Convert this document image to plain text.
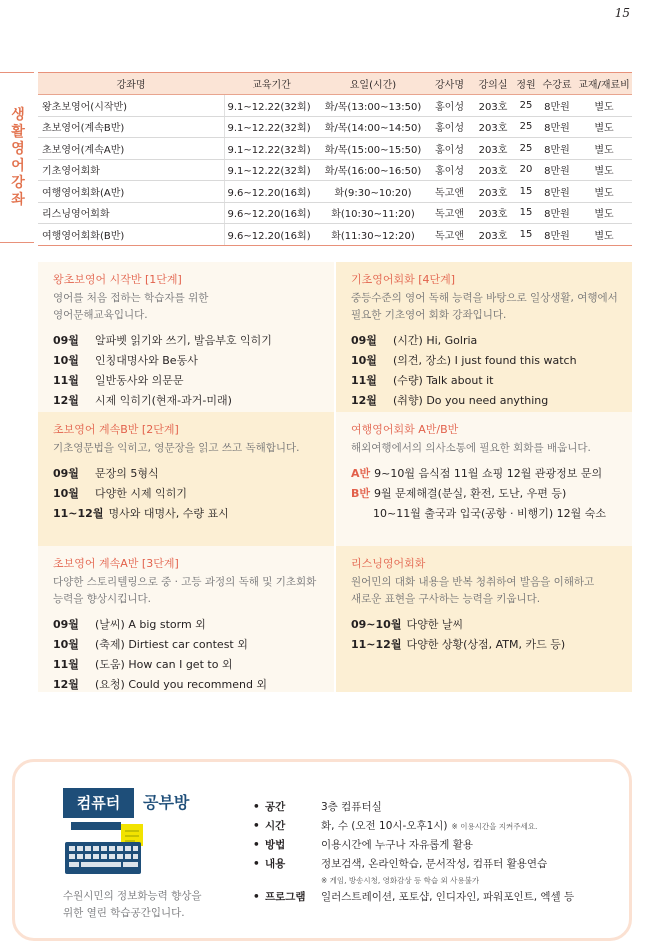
15
생
활
영
어
강
좌
강좌명	교육기간	요일(시간)	강사명	강의실	정원	수강료	교재/재료비
왕초보영어(시작반)	9.1~12.22(32회)	화/목(13:00~13:50)	홍이성	203호	25	8만원	별도
초보영어(계속B반)	9.1~12.22(32회)	화/목(14:00~14:50)	홍이성	203호	25	8만원	별도
초보영어(계속A반)	9.1~12.22(32회)	화/목(15:00~15:50)	홍이성	203호	25	8만원	별도
기초영어회화	9.1~12.22(32회)	화/목(16:00~16:50)	홍이성	203호	20	8만원	별도
여행영어회화(A반)	9.6~12.20(16회)	화(9:30~10:20)	독고앤	203호	15	8만원	별도
리스닝영어회화	9.6~12.20(16회)	화(10:30~11:20)	독고앤	203호	15	8만원	별도
여행영어회화(B반)	9.6~12.20(16회)	화(11:30~12:20)	독고앤	203호	15	8만원	별도
왕초보영어 시작반 [1단계]
영어를 처음 접하는 학습자를 위한
영어문해교육입니다.
09월	알파벳 읽기와 쓰기, 발음부호 익히기
10월	인칭대명사와 Be동사
11월	일반동사와 의문문
12월	시제 익히기(현재-과거-미래)
기초영어회화 [4단계]
중등수준의 영어 독해 능력을 바탕으로 일상생활, 여행에서
필요한 기초영어 회화 강좌입니다.
09월	(시간) Hi, Golria
10월	(의견, 장소) I just found this watch
11월	(수량) Talk about it
12월	(취향) Do you need anything
초보영어 계속B반 [2단계]
기초영문법을 익히고, 영문장을 읽고 쓰고 독해합니다.
09월	문장의 5형식
10월	다양한 시제 익히기
11~12월 명사와 대명사, 수량 표시
여행영어회화 A반/B반
해외여행에서의 의사소통에 필요한 회화를 배웁니다.
A반 9~10월 음식점 11월 쇼핑 12월 관광정보 문의
B반 9월 문제해결(분실, 환전, 도난, 우편 등)
10~11월 출국과 입국(공항 · 비행기) 12월 숙소
초보영어 계속A반 [3단계]
다양한 스토리텔링으로 중 · 고등 과정의 독해 및 기초회화
능력을 향상시킵니다.
09월	(날씨) A big storm 외
10월	(축제) Dirtiest car contest 외
11월	(도움) How can I get to 외
12월	(요청) Could you recommend 외
리스닝영어회화
원어민의 대화 내용을 반복 청취하여 발음을 이해하고
새로운 표현을 구사하는 능력을 키웁니다.
09~10월 다양한 날씨
11~12월 다양한 상황(상점, ATM, 카드 등)
컴퓨터	공부방
수원시민의 정보화능력 향상을
위한 열린 학습공간입니다.
• 공간	3층 컴퓨터실
• 시간	화, 수 (오전 10시-오후1시) ※ 이용시간을 지켜주세요.
• 방법	이용시간에 누구나 자유롭게 활용
• 내용	정보검색, 온라인학습, 문서작성, 컴퓨터 활용연습
※ 게임, 방송시청, 영화감상 등 학습 외 사용불가
• 프로그램	일러스트레이션, 포토샵, 인디자인, 파워포인트, 엑셀 등
